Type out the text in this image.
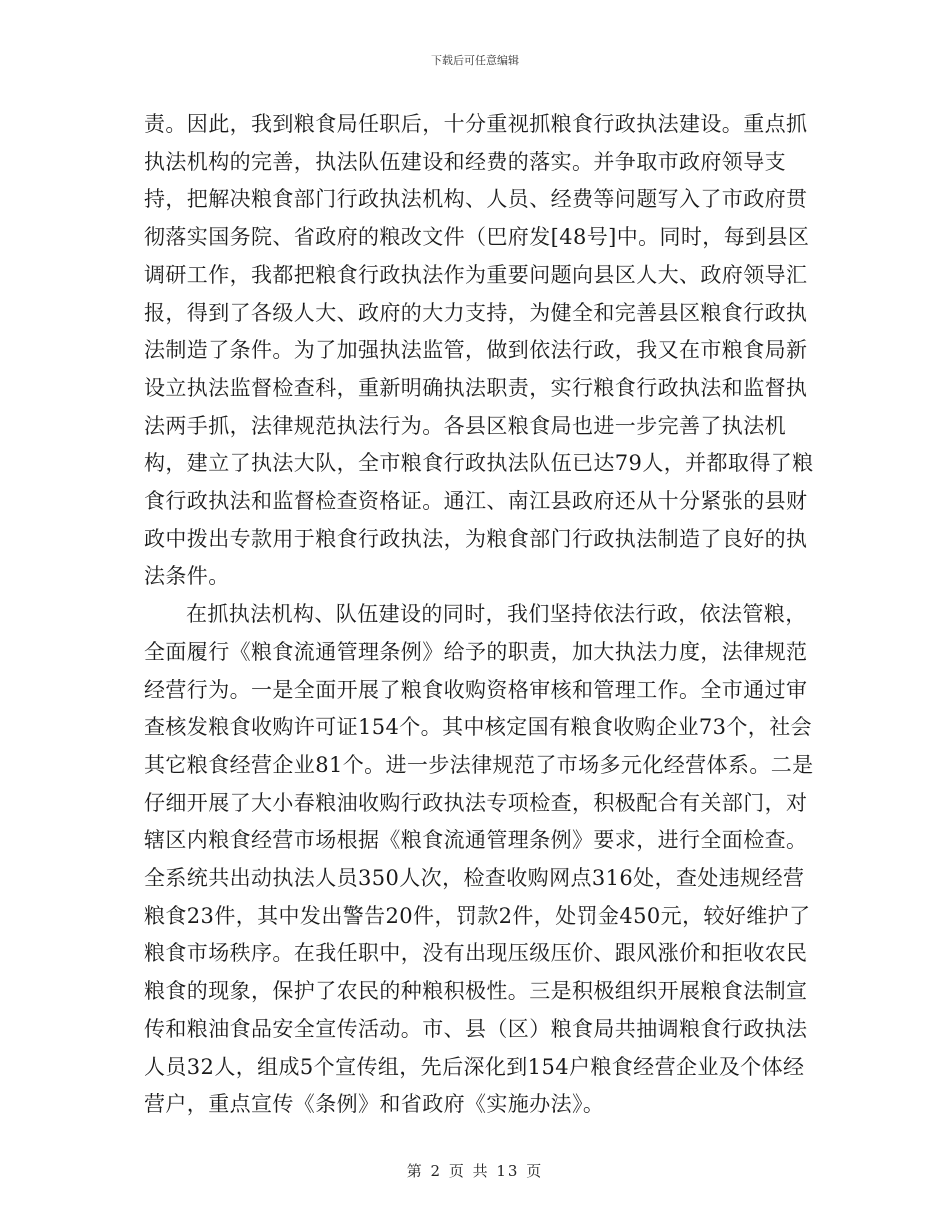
下载后可任意编辑

责。因此，我到粮食局任职后，十分重视抓粮食行政执法建设。重点抓执法机构的完善，执法队伍建设和经费的落实。并争取市政府领导支持，把解决粮食部门行政执法机构、人员、经费等问题写入了市政府贯彻落实国务院、省政府的粮改文件（巴府发[48号]中。同时，每到县区调研工作，我都把粮食行政执法作为重要问题向县区人大、政府领导汇报，得到了各级人大、政府的大力支持，为健全和完善县区粮食行政执法制造了条件。为了加强执法监管，做到依法行政，我又在市粮食局新设立执法监督检查科，重新明确执法职责，实行粮食行政执法和监督执法两手抓，法律规范执法行为。各县区粮食局也进一步完善了执法机构，建立了执法大队，全市粮食行政执法队伍已达79人，并都取得了粮食行政执法和监督检查资格证。通江、南江县政府还从十分紧张的县财政中拨出专款用于粮食行政执法，为粮食部门行政执法制造了良好的执法条件。

在抓执法机构、队伍建设的同时，我们坚持依法行政，依法管粮，全面履行《粮食流通管理条例》给予的职责，加大执法力度，法律规范经营行为。一是全面开展了粮食收购资格审核和管理工作。全市通过审查核发粮食收购许可证154个。其中核定国有粮食收购企业73个，社会其它粮食经营企业81个。进一步法律规范了市场多元化经营体系。二是仔细开展了大小春粮油收购行政执法专项检查，积极配合有关部门，对辖区内粮食经营市场根据《粮食流通管理条例》要求，进行全面检查。全系统共出动执法人员350人次，检查收购网点316处，查处违规经营粮食23件，其中发出警告20件，罚款2件，处罚金450元，较好维护了粮食市场秩序。在我任职中，没有出现压级压价、跟风涨价和拒收农民粮食的现象，保护了农民的种粮积极性。三是积极组织开展粮食法制宣传和粮油食品安全宣传活动。市、县（区）粮食局共抽调粮食行政执法人员32人，组成5个宣传组，先后深化到154户粮食经营企业及个体经营户，重点宣传《条例》和省政府《实施办法》。

第 2 页 共 13 页
